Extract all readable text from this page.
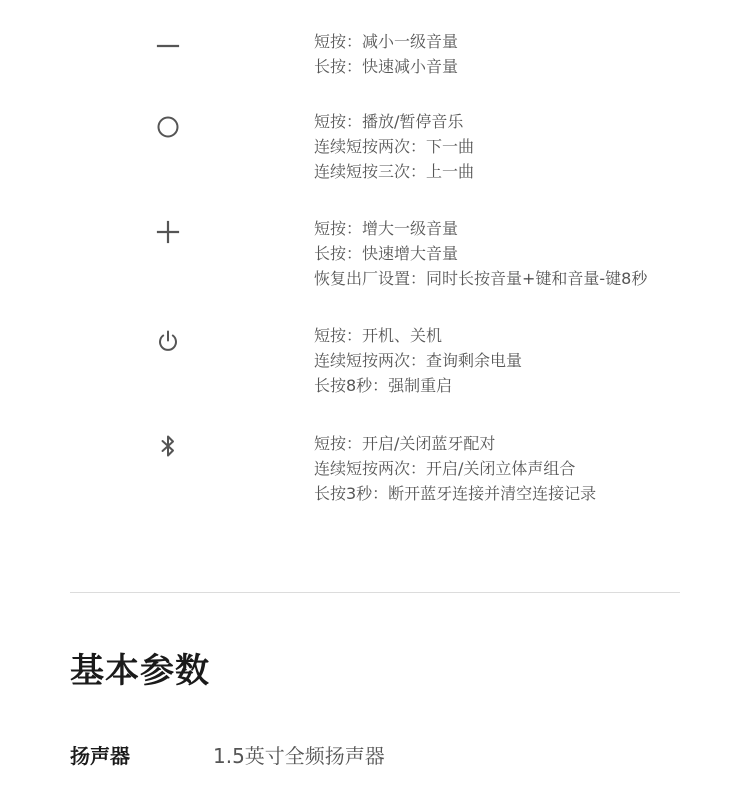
短按：减小一级音量
长按：快速减小音量
短按：播放/暂停音乐
连续短按两次：下一曲
连续短按三次：上一曲
短按：增大一级音量
长按：快速增大音量
恢复出厂设置：同时长按音量+键和音量-键8秒
短按：开机、关机
连续短按两次：查询剩余电量
长按8秒：强制重启
短按：开启/关闭蓝牙配对
连续短按两次：开启/关闭立体声组合
长按3秒：断开蓝牙连接并清空连接记录
基本参数
扬声器	1.5英寸全频扬声器
